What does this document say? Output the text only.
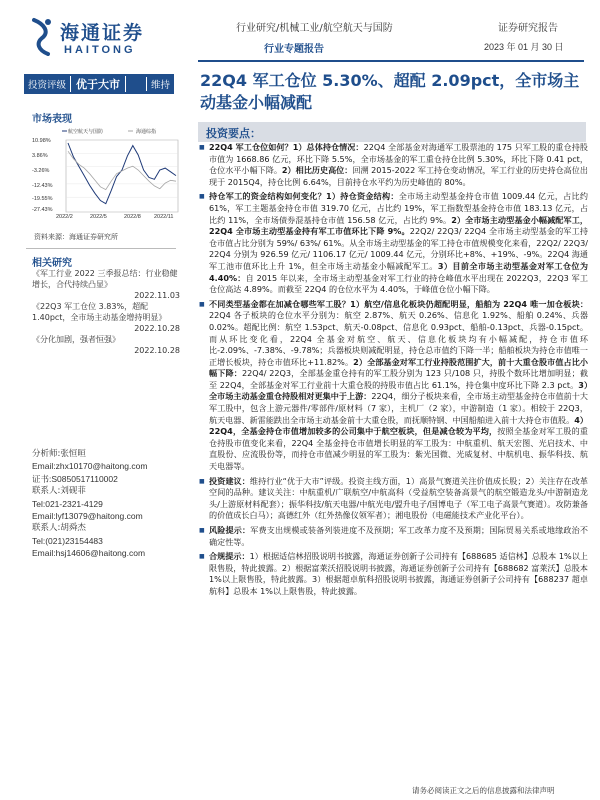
海通证券
HAITONG
行业研究/机械工业/航空航天与国防
行业专题报告
证券研究报告
2023 年 01 月 30 日
投资评级 优于大市	维持
市场表现
航空航天与国防	海通综指
10.98%
3.86%
-3.26%
-12.43%
-19.55%
-27.43%
2022/2	2022/5	2022/8 2022/11
资料来源：海通证券研究所
相关研究
《军工行业 2022 三季报总结：行业稳健增长，合代持续凸显》
2022.11.03
《22Q3 军工仓位 3.83%，超配 1.40pct，全市场主动基金增持明显》
2022.10.28
《分化加剧，强者恒强》
2022.10.28
分析师:张恒晅
Email:zhx10170@haitong.com
证书:S0850517110002
联系人:刘砚菲
Tel:021-2321-4129
Email:lyf13079@haitong.com
联系人:胡舜杰
Tel:(021)23154483
Email:hsj14606@haitong.com
22Q4 军工仓位 5.30%、超配 2.09pct，全市场主动基金小幅减配
投资要点：
■ 22Q4 军工仓位如何？1）总体持仓情况：22Q4 全部基金对海通军工股票池的 175 只军工股的重仓持股市值为 1668.86 亿元，环比下降 5.5%，全市场基金的军工重仓持仓比例 5.30%，环比下降 0.41 pct，仓位水平小幅下降。2）相比历史高位：回溯 2015-2022 军工持仓变动情况，军工行业的历史持仓高位出现于 2015Q4，持仓比例 6.64%，目前持仓水平约为历史峰值的 80%。
■ 持仓军工的资金结构如何变化？1）持仓资金结构：全市场主动型基金持仓市值 1009.44 亿元，占比约 61%，军工主题基金持仓市值 319.70 亿元，占比约 19%，军工指数型基金持仓市值 183.13 亿元，占比约 11%，全市场债券混基持仓市值 156.58 亿元，占比约 9%。2）全市场主动型基金小幅减配军工，22Q4 全市场主动型基金持有军工市值环比下降 9%。22Q2/ 22Q3/ 22Q4 全市场主动型基金的军工持仓市值占比分别为 59%/ 63%/ 61%。从全市场主动型基金的军工持仓市值规模变化来看，22Q2/ 22Q3/ 22Q4 分别为 926.59 亿元/ 1106.17 亿元/ 1009.44 亿元，分别环比+8%、+19%、-9%。22Q4 海通军工池市值环比上升 1%，但全市场主动基金小幅减配军工。3）目前全市场主动型基金对军工仓位为 4.40%：自 2015 年以来，全市场主动型基金对军工行业的持仓峰值水平出现在 2022Q3，22Q3 军工仓位高达 4.89%。而截至 22Q4 的仓位水平为 4.40%，于峰值仓位小幅下降。
■ 不同类型基金都在加减仓哪些军工股？1）航空/信息化板块仍超配明显，船舶为 22Q4 唯一加仓板块：22Q4 各子板块的仓位水平分别为：航空 2.87%、航天 0.26%、信息化 1.92%、船舶 0.24%、兵器 0.02%。超配比例：航空 1.53pct、航天-0.08pct、信息化 0.93pct、船舶-0.13pct、兵器-0.15pct。而从环比变化看，22Q4 全基金对航空、航天、信息化板块均有小幅减配，持仓市值环比-2.09%、-7.38%、-9.78%；兵器板块则减配明显，持仓总市值约下降一半；船舶板块为持仓市值唯一正增长板块，持仓市值环比+11.82%。2）全部基金对军工行业持股范围扩大，前十大重仓股市值占比小幅下降：22Q4/ 22Q3，全部基金重仓持有的军工股分别为 123 只/108 只，持股个数环比增加明显；截至 22Q4，全部基金对军工行业前十大重仓股的持股市值占比 61.1%，持仓集中度环比下降 2.3 pct。3）全市场主动基金重仓持股相对更集中于上游：22Q4，细分子板块来看，全市场主动型基金持仓市值前十大军工股中，包含上游元器件/零部件/原材料（7 家），主机厂（2 家），中游制造（1 家）。相较于 22Q3，航天电器、新雷能跌出全市场主动基金前十大重仓股，而抚顺特钢、中国船舶进入前十大持仓市值股。4）22Q4，全基金持仓市值增加较多的公司集中于航空板块，但是减仓较为平均，按照全基金对军工股的重仓持股市值变化来看，22Q4 全基金持仓市值增长明显的军工股为：中航重机、航天宏图、光启技术、中直股份、应流股份等，而持仓市值减少明显的军工股为：紫光国微、光威复材、中航机电、振华科技、航天电器等。
■ 投资建议：维持行业“优于大市”评级。投资主线方面，1）高景气赛道关注价值成长股；2）关注存在改革空间的品种。建议关注：中航重机/广联航空/中航高科（受益航空装备高景气的航空锻造龙头/中游制造龙头/上游原材料配套）；振华科技/航天电器/中航光电/盟升电子/国博电子（军工电子高景气赛道）。攻防兼备的价值成长白马）；高德红外（红外热像仪领军者）；湘电股份（电磁能技术产业化平台）。
■ 风险提示：军费支出规模或装备列装进度不及预期；军工改革力度不及预期；国际贸易关系或地缘政治不确定性等。
■ 合规提示：1）根据适信林招股说明书披露，海通证券创新子公司持有【688685 适信林】总股本 1%以上限售股，特此披露。2）根据富莱沃招股说明书披露，海通证券创新子公司持有【688682 富莱沃】总股本 1%以上限售股，特此披露。3）根据超卓航科招股说明书披露，海通证券创新子公司持有【688237 超卓航科】总股本 1%以上限售股，特此披露。
请务必阅读正文之后的信息披露和法律声明
